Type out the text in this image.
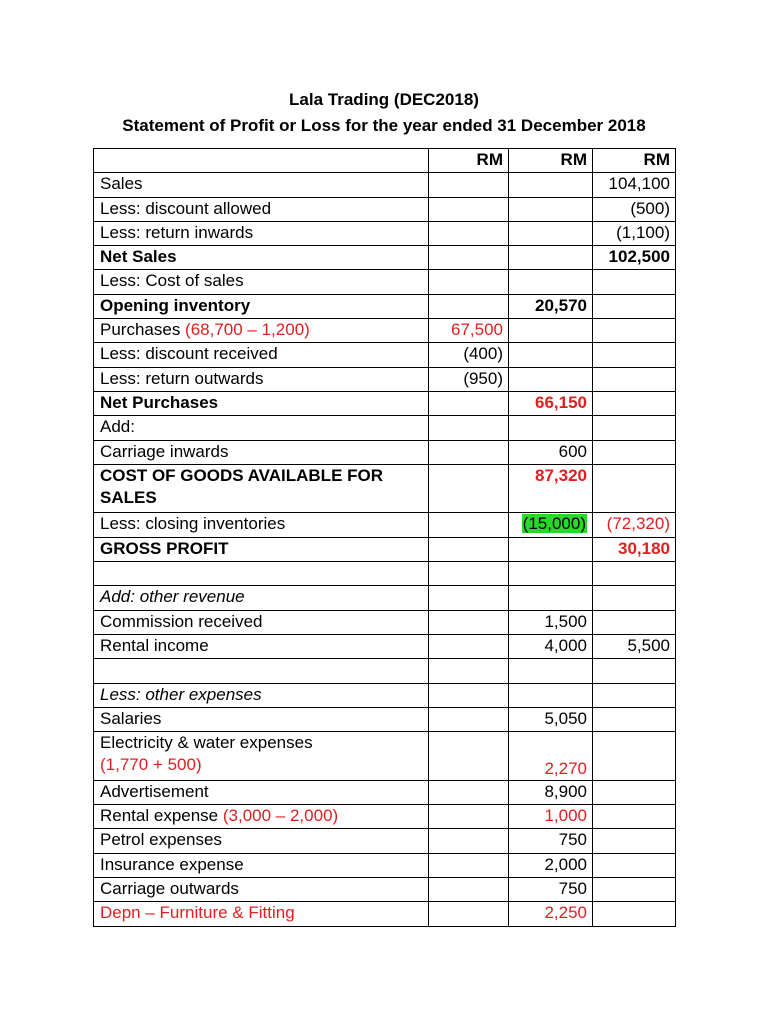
Lala Trading (DEC2018)
Statement of Profit or Loss for the year ended 31 December 2018
	RM	RM	RM
Sales			104,100
Less: discount allowed			(500)
Less: return inwards			(1,100)
Net Sales			102,500
Less: Cost of sales			
Opening inventory		20,570	
Purchases (68,700 – 1,200)	67,500		
Less: discount received	(400)		
Less: return outwards	(950)		
Net Purchases		66,150	
Add:			
Carriage inwards		600	
COST OF GOODS AVAILABLE FOR SALES		87,320	
Less: closing inventories		(15,000)	(72,320)
GROSS PROFIT			30,180

Add: other revenue			
Commission received		1,500	
Rental income		4,000	5,500

Less: other expenses			
Salaries		5,050	
Electricity & water expenses
(1,770 + 500)		2,270	
Advertisement		8,900	
Rental expense (3,000 – 2,000)		1,000	
Petrol expenses		750	
Insurance expense		2,000	
Carriage outwards		750	
Depn – Furniture & Fitting		2,250	
